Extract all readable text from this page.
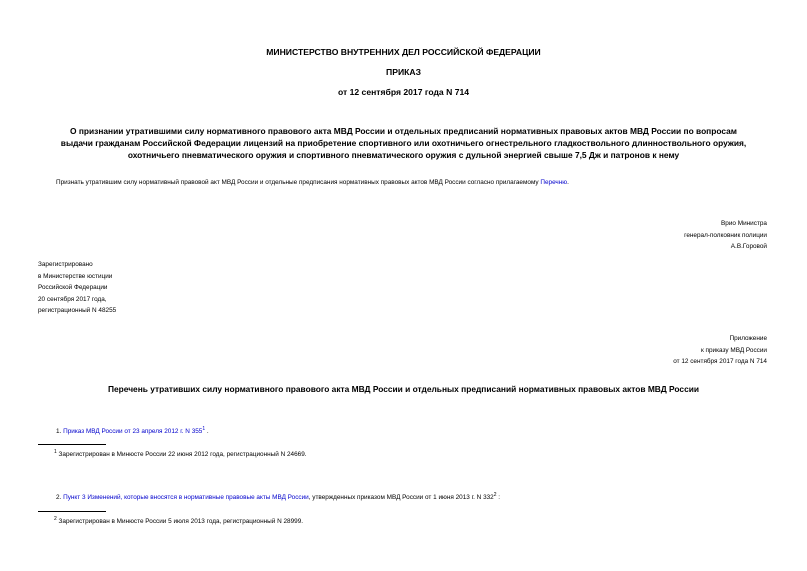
МИНИСТЕРСТВО ВНУТРЕННИХ ДЕЛ РОССИЙСКОЙ ФЕДЕРАЦИИ
ПРИКАЗ
от 12 сентября 2017 года N 714
О признании утратившими силу нормативного правового акта МВД России и отдельных предписаний нормативных правовых актов МВД России по вопросам
выдачи гражданам Российской Федерации лицензий на приобретение спортивного или охотничьего огнестрельного гладкоствольного длинноствольного оружия,
охотничьего пневматического оружия и спортивного пневматического оружия с дульной энергией свыше 7,5 Дж и патронов к нему
Признать утратившим силу нормативный правовой акт МВД России и отдельные предписания нормативных правовых актов МВД России согласно прилагаемому Перечню.
Врио Министра
генерал-полковник полиции
А.В.Горовой
Зарегистрировано
в Министерстве юстиции
Российской Федерации
20 сентября 2017 года,
регистрационный N 48255
Приложение
к приказу МВД России
от 12 сентября 2017 года N 714
Перечень утративших силу нормативного правового акта МВД России и отдельных предписаний нормативных правовых актов МВД России
1. Приказ МВД России от 23 апреля 2012 г. N 355$^1$ .
$^1$ Зарегистрирован в Минюсте России 22 июня 2012 года, регистрационный N 24669.
2. Пункт 3 Изменений, которые вносятся в нормативные правовые акты МВД России, утвержденных приказом МВД России от 1 июня 2013 г. N 332$^2$ :
$^2$ Зарегистрирован в Минюсте России 5 июля 2013 года, регистрационный N 28999.
